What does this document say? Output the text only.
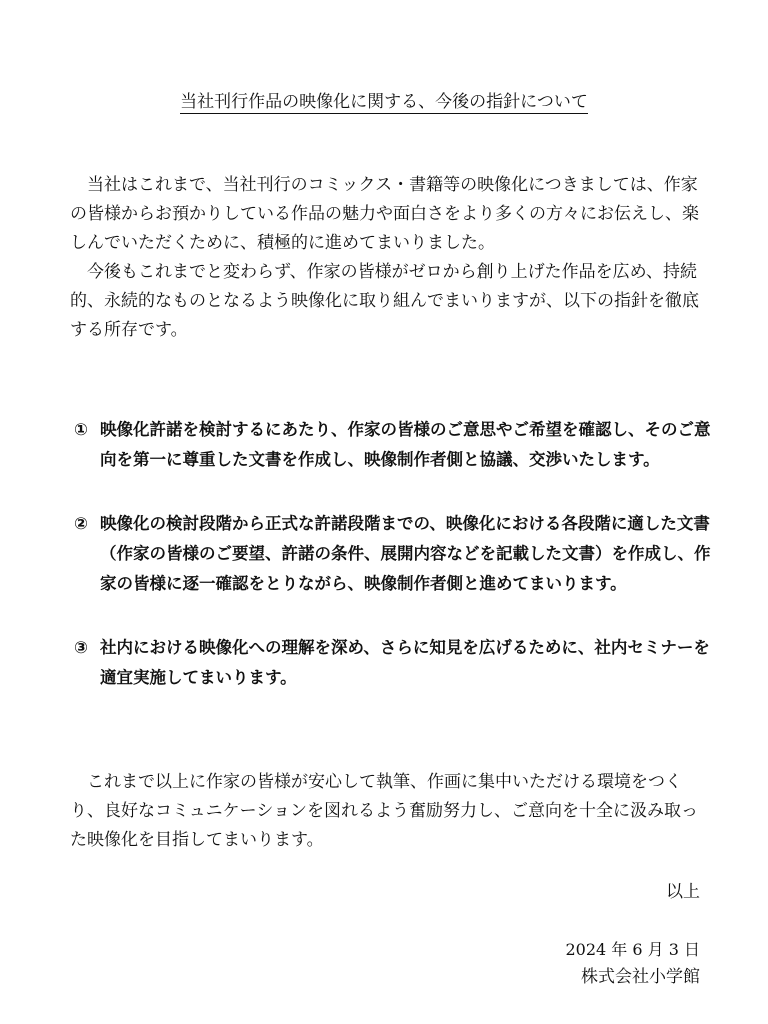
当社刊行作品の映像化に関する、今後の指針について

当社はこれまで、当社刊行のコミックス・書籍等の映像化につきましては、作家の皆様からお預かりしている作品の魅力や面白さをより多くの方々にお伝えし、楽しんでいただくために、積極的に進めてまいりました。

今後もこれまでと変わらず、作家の皆様がゼロから創り上げた作品を広め、持続的、永続的なものとなるよう映像化に取り組んでまいりますが、以下の指針を徹底する所存です。

① 映像化許諾を検討するにあたり、作家の皆様のご意思やご希望を確認し、そのご意向を第一に尊重した文書を作成し、映像制作者側と協議、交渉いたします。
② 映像化の検討段階から正式な許諾段階までの、映像化における各段階に適した文書（作家の皆様のご要望、許諾の条件、展開内容などを記載した文書）を作成し、作家の皆様に逐一確認をとりながら、映像制作者側と進めてまいります。
③ 社内における映像化への理解を深め、さらに知見を広げるために、社内セミナーを適宜実施してまいります。

これまで以上に作家の皆様が安心して執筆、作画に集中いただける環境をつくり、良好なコミュニケーションを図れるよう奮励努力し、ご意向を十全に汲み取った映像化を目指してまいります。

以上
2024 年 6 月 3 日
株式会社小学館
